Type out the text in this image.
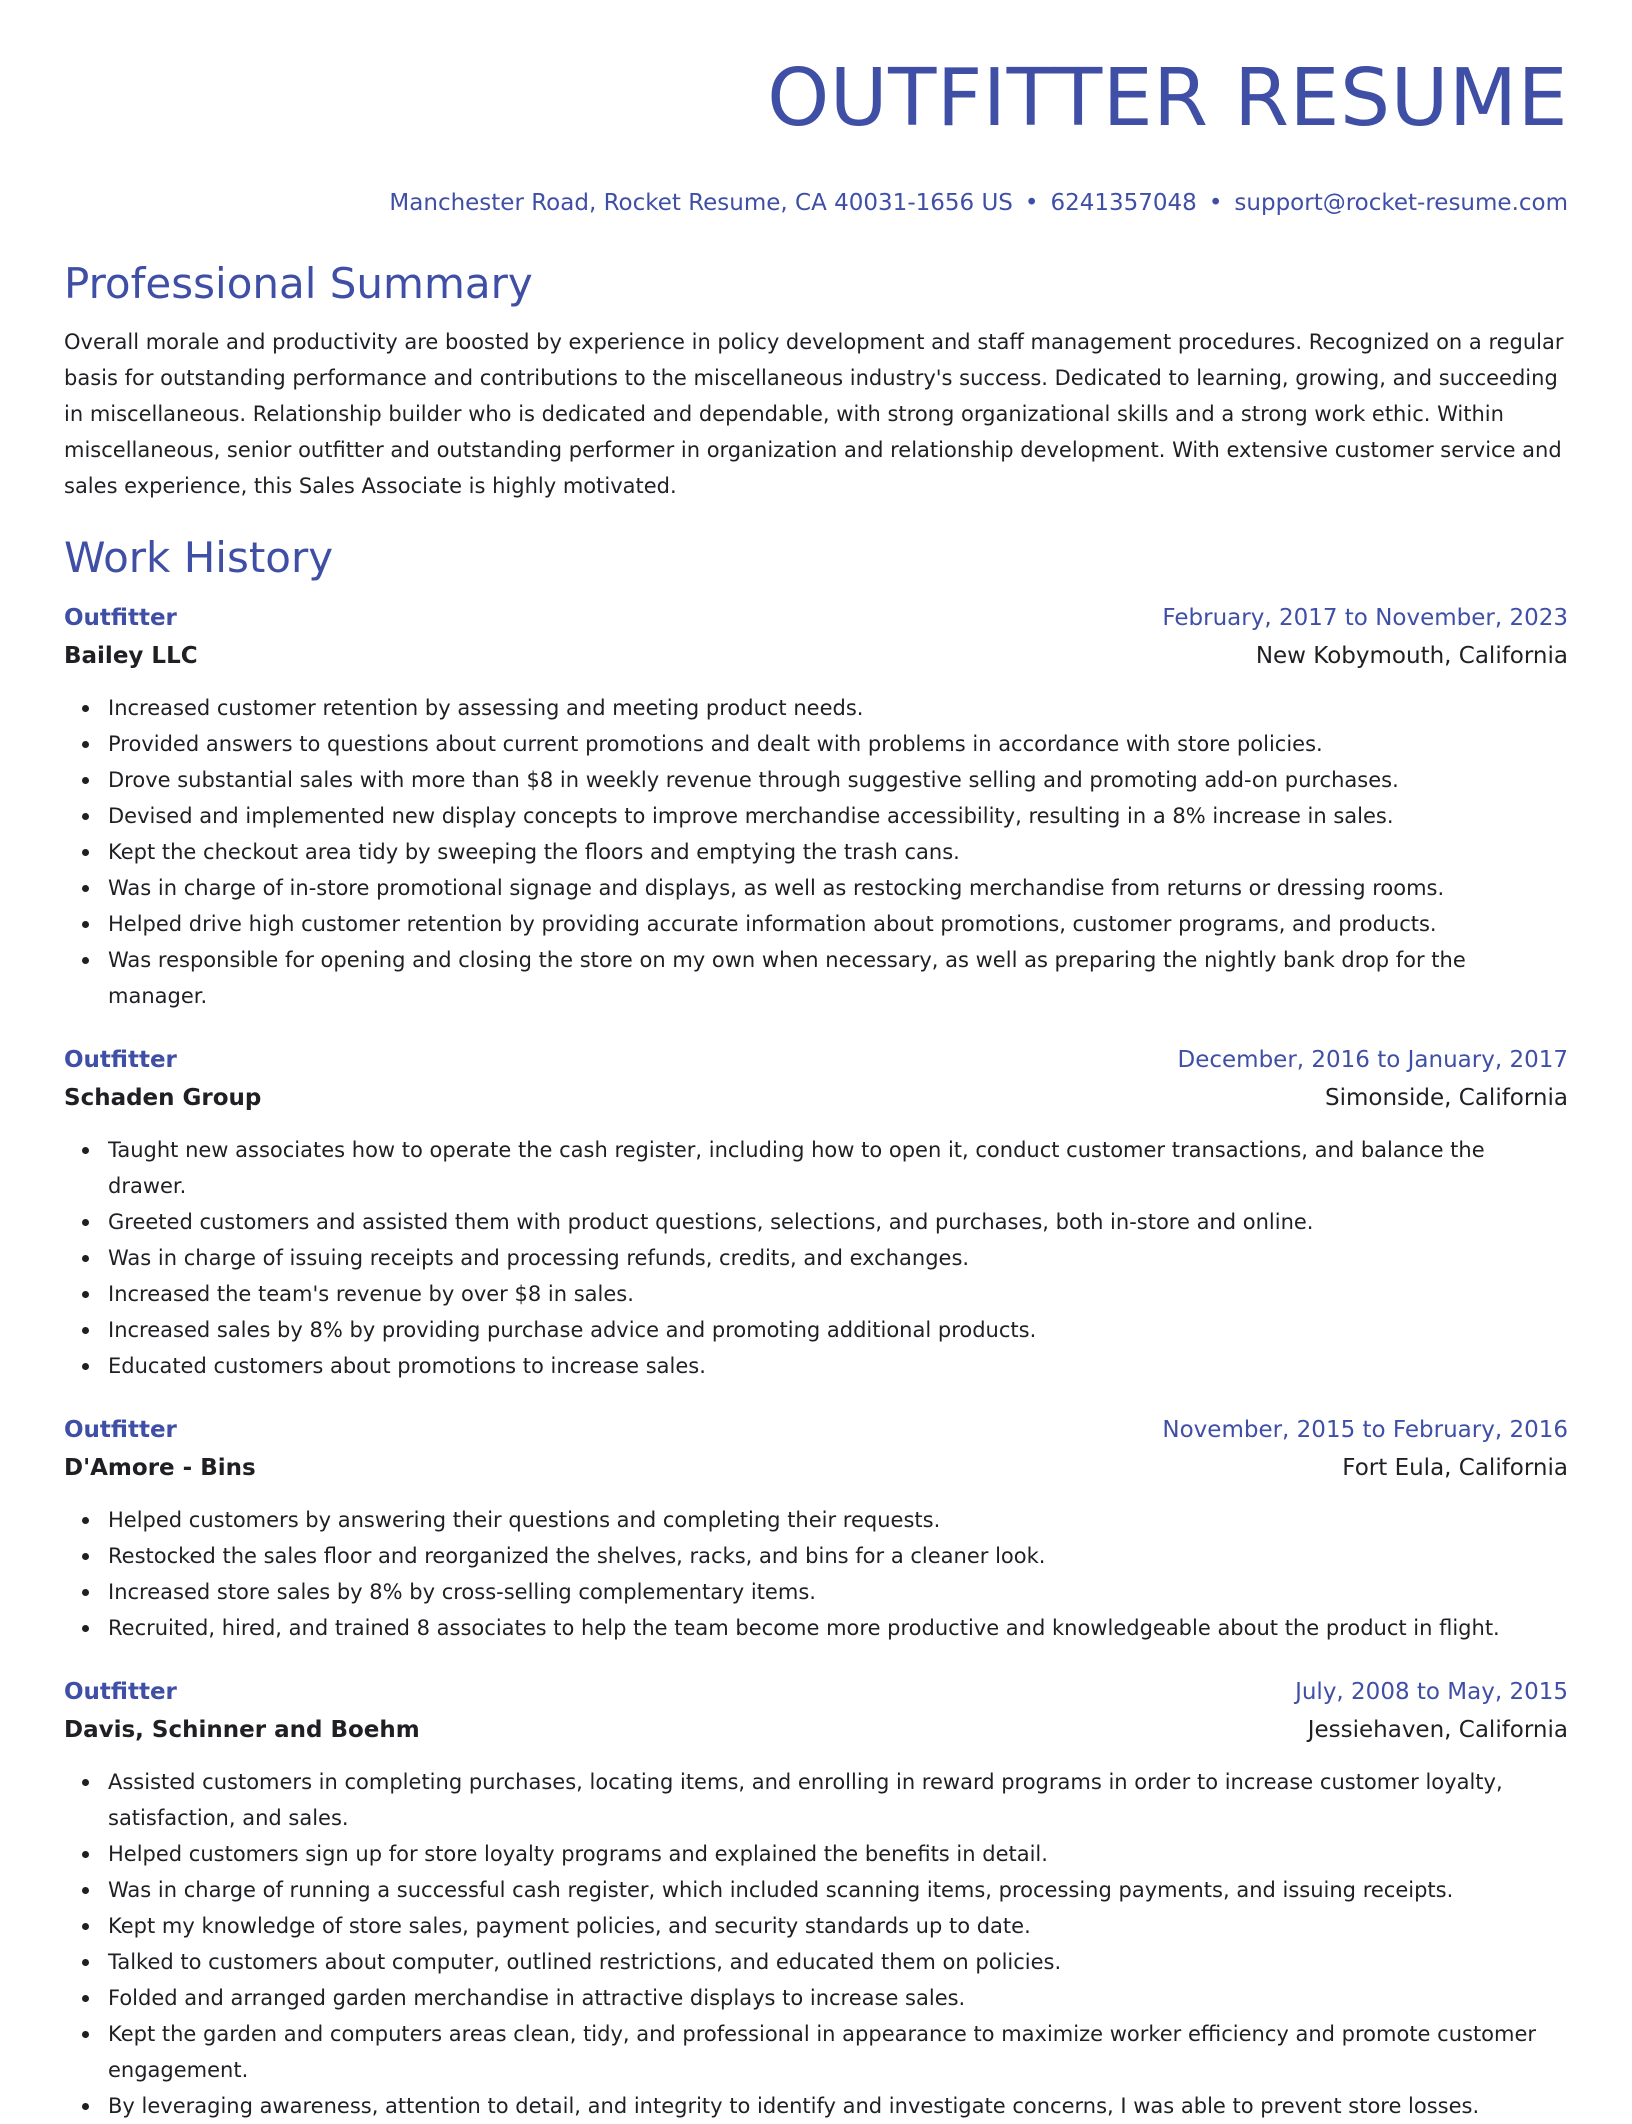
OUTFITTER RESUME
Manchester Road, Rocket Resume, CA 40031-1656 US • 6241357048 • support@rocket-resume.com
Professional Summary

Overall morale and productivity are boosted by experience in policy development and staff management procedures. Recognized on a regular basis for outstanding performance and contributions to the miscellaneous industry's success. Dedicated to learning, growing, and succeeding in miscellaneous. Relationship builder who is dedicated and dependable, with strong organizational skills and a strong work ethic. Within miscellaneous, senior outfitter and outstanding performer in organization and relationship development. With extensive customer service and sales experience, this Sales Associate is highly motivated.

Work History
Outfitter	February, 2017 to November, 2023
Bailey LLC	New Kobymouth, California
Increased customer retention by assessing and meeting product needs.
Provided answers to questions about current promotions and dealt with problems in accordance with store policies.
Drove substantial sales with more than $8 in weekly revenue through suggestive selling and promoting add-on purchases.
Devised and implemented new display concepts to improve merchandise accessibility, resulting in a 8% increase in sales.
Kept the checkout area tidy by sweeping the floors and emptying the trash cans.
Was in charge of in-store promotional signage and displays, as well as restocking merchandise from returns or dressing rooms.
Helped drive high customer retention by providing accurate information about promotions, customer programs, and products.
Was responsible for opening and closing the store on my own when necessary, as well as preparing the nightly bank drop for the manager.
Outfitter	December, 2016 to January, 2017
Schaden Group	Simonside, California
Taught new associates how to operate the cash register, including how to open it, conduct customer transactions, and balance the drawer.
Greeted customers and assisted them with product questions, selections, and purchases, both in-store and online.
Was in charge of issuing receipts and processing refunds, credits, and exchanges.
Increased the team's revenue by over $8 in sales.
Increased sales by 8% by providing purchase advice and promoting additional products.
Educated customers about promotions to increase sales.
Outfitter	November, 2015 to February, 2016
D'Amore - Bins	Fort Eula, California
Helped customers by answering their questions and completing their requests.
Restocked the sales floor and reorganized the shelves, racks, and bins for a cleaner look.
Increased store sales by 8% by cross-selling complementary items.
Recruited, hired, and trained 8 associates to help the team become more productive and knowledgeable about the product in flight.
Outfitter	July, 2008 to May, 2015
Davis, Schinner and Boehm	Jessiehaven, California
Assisted customers in completing purchases, locating items, and enrolling in reward programs in order to increase customer loyalty, satisfaction, and sales.
Helped customers sign up for store loyalty programs and explained the benefits in detail.
Was in charge of running a successful cash register, which included scanning items, processing payments, and issuing receipts.
Kept my knowledge of store sales, payment policies, and security standards up to date.
Talked to customers about computer, outlined restrictions, and educated them on policies.
Folded and arranged garden merchandise in attractive displays to increase sales.
Kept the garden and computers areas clean, tidy, and professional in appearance to maximize worker efficiency and promote customer engagement.
By leveraging awareness, attention to detail, and integrity to identify and investigate concerns, I was able to prevent store losses.
